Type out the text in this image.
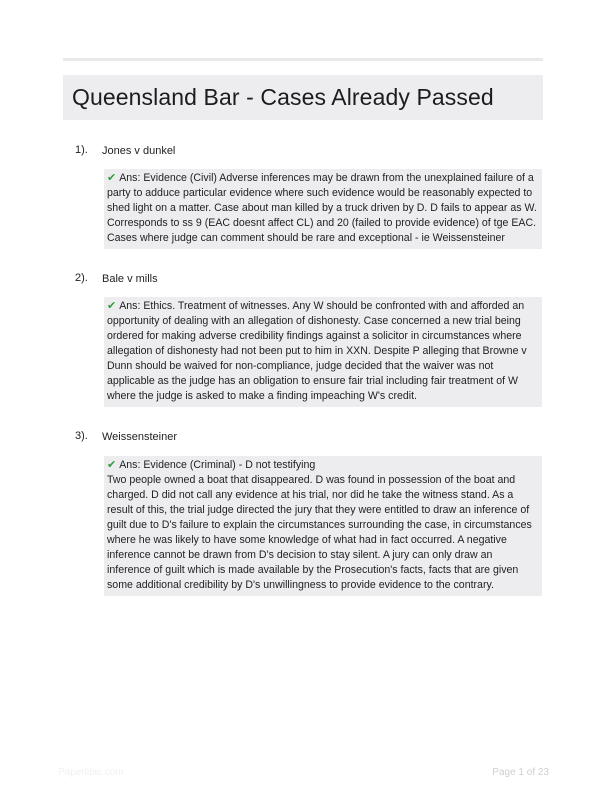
Queensland Bar - Cases Already Passed
1). Jones v dunkel
✔ Ans: Evidence (Civil) Adverse inferences may be drawn from the unexplained failure of a party to adduce particular evidence where such evidence would be reasonably expected to shed light on a matter. Case about man killed by a truck driven by D. D fails to appear as W. Corresponds to ss 9 (EAC doesnt affect CL) and 20 (failed to provide evidence) of tge EAC. Cases where judge can comment should be rare and exceptional - ie Weissensteiner
2). Bale v mills
✔ Ans: Ethics. Treatment of witnesses. Any W should be confronted with and afforded an opportunity of dealing with an allegation of dishonesty. Case concerned a new trial being ordered for making adverse credibility findings against a solicitor in circumstances where allegation of dishonesty had not been put to him in XXN. Despite P alleging that Browne v Dunn should be waived for non-compliance, judge decided that the waiver was not applicable as the judge has an obligation to ensure fair trial including fair treatment of W where the judge is asked to make a finding impeaching W's credit.
3). Weissensteiner
✔ Ans: Evidence (Criminal) - D not testifying
Two people owned a boat that disappeared. D was found in possession of the boat and charged. D did not call any evidence at his trial, nor did he take the witness stand. As a result of this, the trial judge directed the jury that they were entitled to draw an inference of guilt due to D's failure to explain the circumstances surrounding the case, in circumstances where he was likely to have some knowledge of what had in fact occurred. A negative inference cannot be drawn from D's decision to stay silent. A jury can only draw an inference of guilt which is made available by the Prosecution's facts, facts that are given some additional credibility by D's unwillingness to provide evidence to the contrary.
Paperlibic.com	Page 1 of 23
